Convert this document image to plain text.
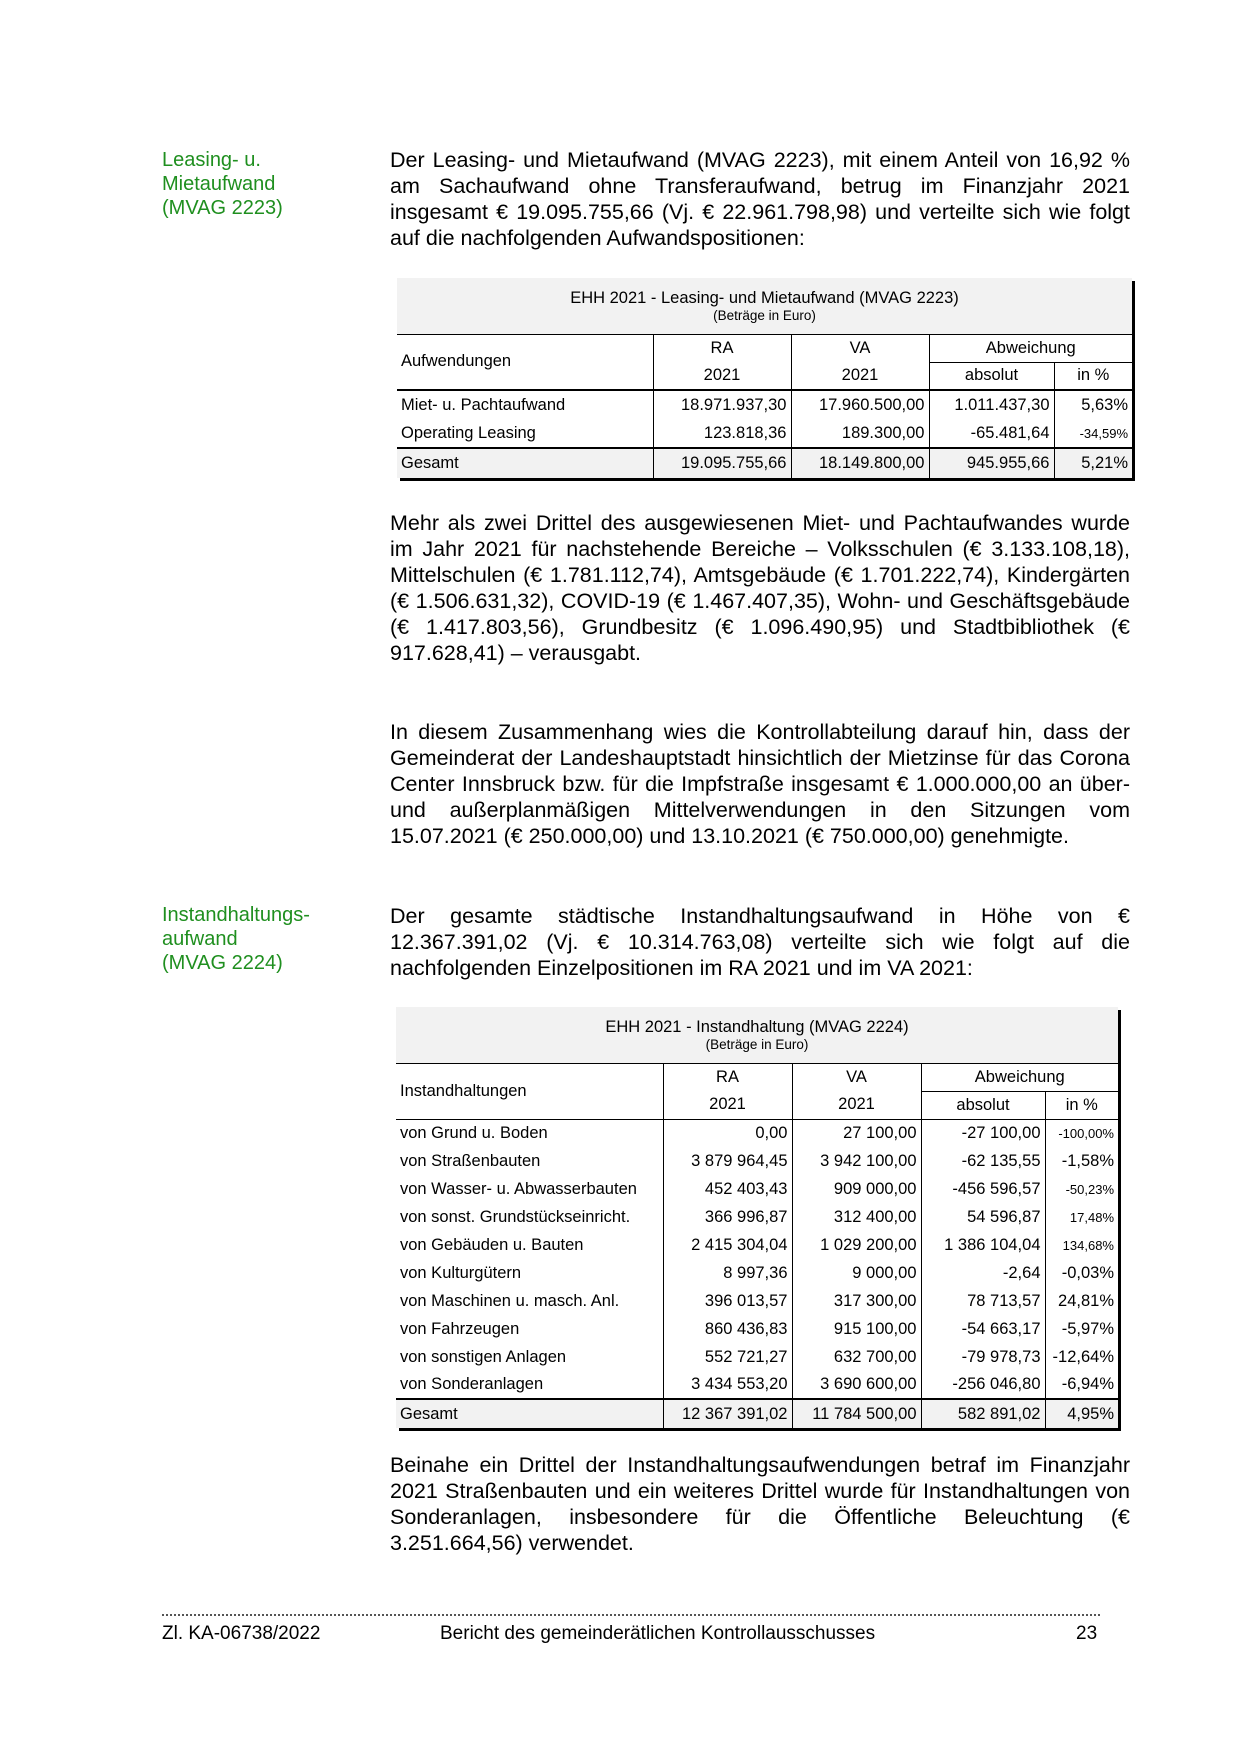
Leasing- u.
Mietaufwand
(MVAG 2223)
Instandhaltungs-
aufwand
(MVAG 2224)

Der Leasing- und Mietaufwand (MVAG 2223), mit einem Anteil von 16,92 % am Sachaufwand ohne Transferaufwand, betrug im Finanzjahr 2021 insgesamt € 19.095.755,66 (Vj. € 22.961.798,98) und verteilte sich wie folgt auf die nachfolgenden Aufwandspositionen:

EHH 2021 - Leasing- und Mietaufwand (MVAG 2223)
(Beträge in Euro)				

Aufwendungen	RA	VA	Abweichung	
	2021	2021	absolut	in %
Miet- u. Pachtaufwand	18.971.937,30	17.960.500,00	1.011.437,30	5,63%
Operating Leasing	123.818,36	189.300,00	-65.481,64	-34,59%
Gesamt	19.095.755,66	18.149.800,00	945.955,66	5,21%

Mehr als zwei Drittel des ausgewiesenen Miet- und Pachtaufwandes wurde im Jahr 2021 für nachstehende Bereiche – Volksschulen (€ 3.133.108,18), Mittelschulen (€ 1.781.112,74), Amtsgebäude (€ 1.701.222,74), Kindergärten (€ 1.506.631,32), COVID-19 (€ 1.467.407,35), Wohn- und Geschäftsgebäude (€ 1.417.803,56), Grundbesitz (€ 1.096.490,95) und Stadtbibliothek (€ 917.628,41) – verausgabt.

In diesem Zusammenhang wies die Kontrollabteilung darauf hin, dass der Gemeinderat der Landeshauptstadt hinsichtlich der Mietzinse für das Corona Center Innsbruck bzw. für die Impfstraße insgesamt € 1.000.000,00 an über- und außerplanmäßigen Mittelverwendungen in den Sitzungen vom 15.07.2021 (€ 250.000,00) und 13.10.2021 (€ 750.000,00) genehmigte.

Der gesamte städtische Instandhaltungsaufwand in Höhe von € 12.367.391,02 (Vj. € 10.314.763,08) verteilte sich wie folgt auf die nachfolgenden Einzelpositionen im RA 2021 und im VA 2021:

EHH 2021 - Instandhaltung (MVAG 2224)
(Beträge in Euro)				

Instandhaltungen	RA	VA	Abweichung	
	2021	2021	absolut	in %
von Grund u. Boden	0,00	27 100,00	-27 100,00	-100,00%
von Straßenbauten	3 879 964,45	3 942 100,00	-62 135,55	-1,58%
von Wasser- u. Abwasserbauten	452 403,43	909 000,00	-456 596,57	-50,23%
von sonst. Grundstückseinricht.	366 996,87	312 400,00	54 596,87	17,48%
von Gebäuden u. Bauten	2 415 304,04	1 029 200,00	1 386 104,04	134,68%
von Kulturgütern	8 997,36	9 000,00	-2,64	-0,03%
von Maschinen u. masch. Anl.	396 013,57	317 300,00	78 713,57	24,81%
von Fahrzeugen	860 436,83	915 100,00	-54 663,17	-5,97%
von sonstigen Anlagen	552 721,27	632 700,00	-79 978,73	-12,64%
von Sonderanlagen	3 434 553,20	3 690 600,00	-256 046,80	-6,94%
Gesamt	12 367 391,02	11 784 500,00	582 891,02	4,95%

Beinahe ein Drittel der Instandhaltungsaufwendungen betraf im Finanzjahr 2021 Straßenbauten und ein weiteres Drittel wurde für Instandhaltungen von Sonderanlagen, insbesondere für die Öffentliche Beleuchtung (€ 3.251.664,56) verwendet.

Zl. KA-06738/2022	Bericht des gemeinderätlichen Kontrollausschusses	23
